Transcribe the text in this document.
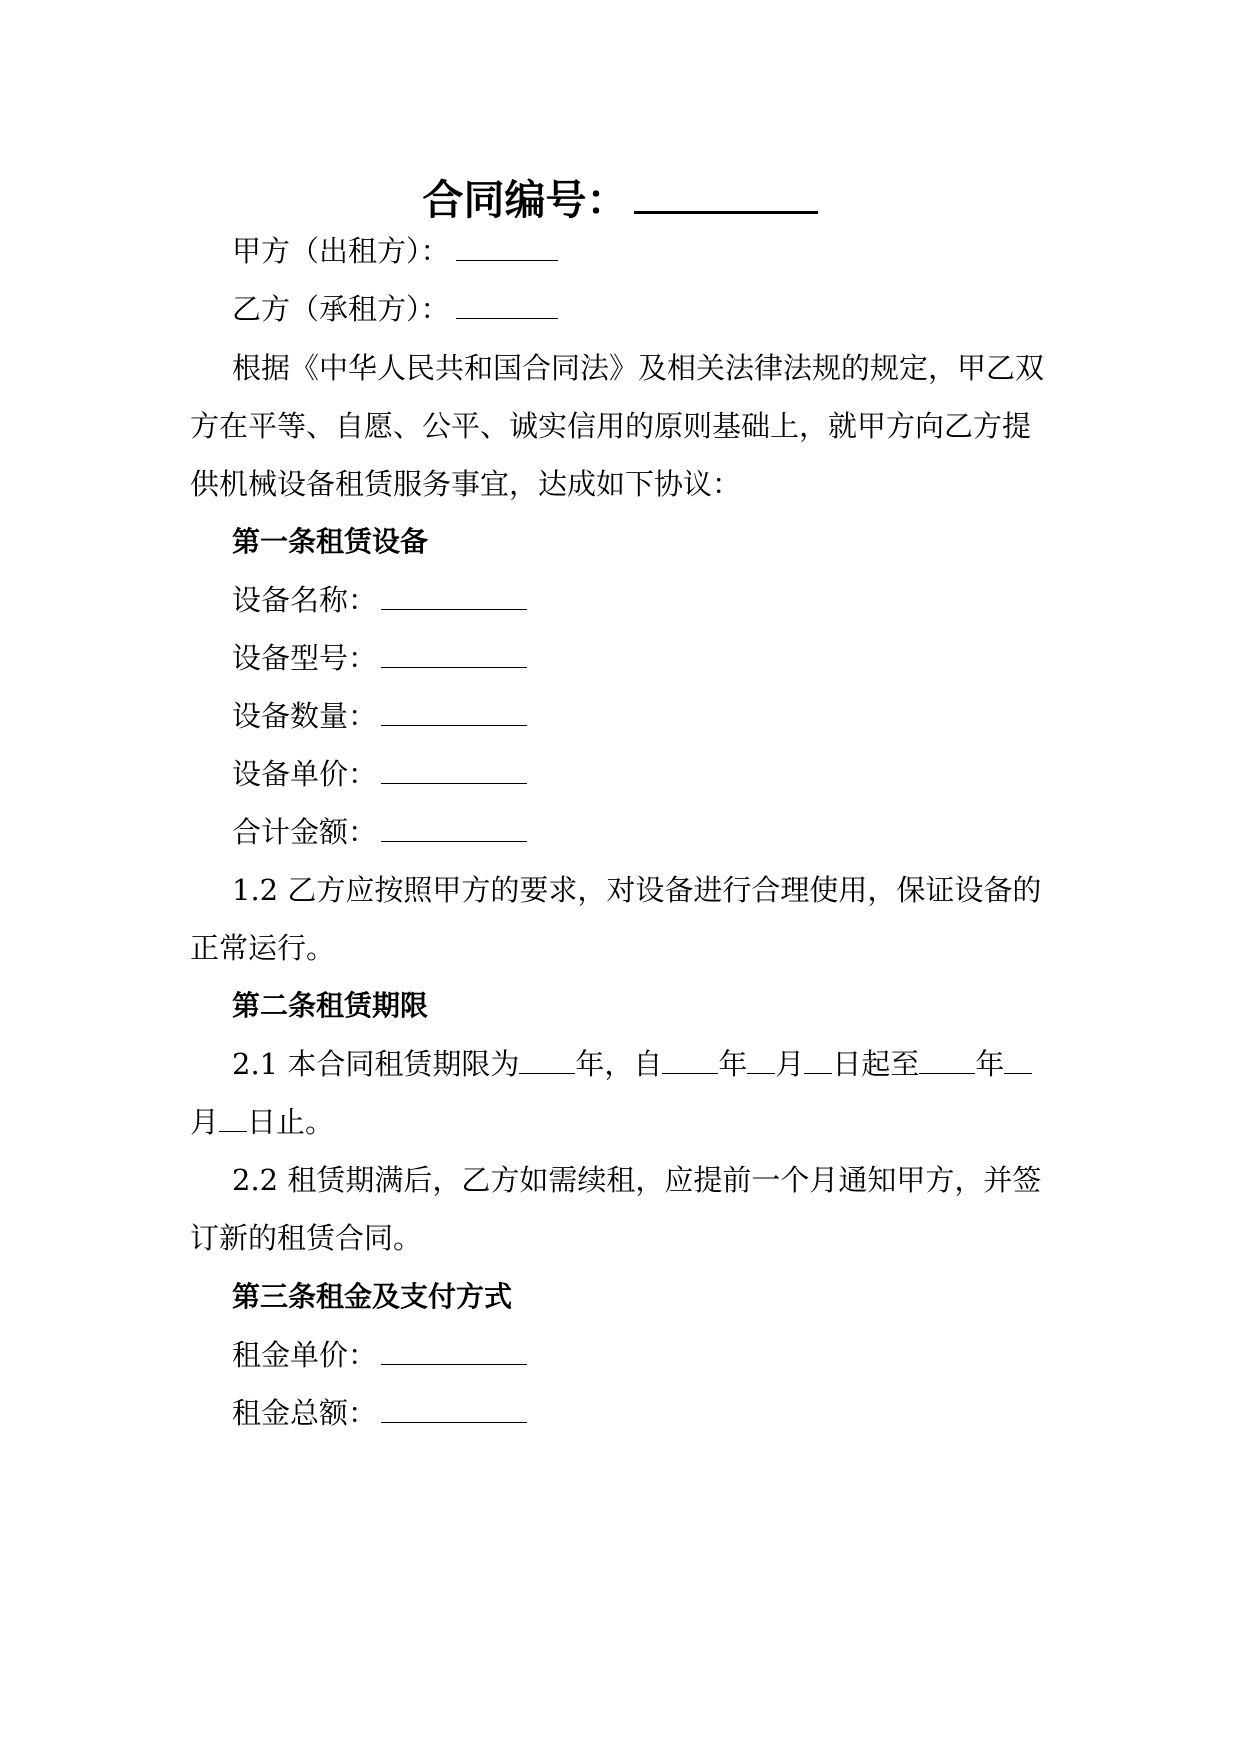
合同编号：
甲方（出租方）：
乙方（承租方）：
根据《中华人民共和国合同法》及相关法律法规的规定，甲乙双
方在平等、自愿、公平、诚实信用的原则基础上，就甲方向乙方提
供机械设备租赁服务事宜，达成如下协议：
第一条租赁设备
设备名称：
设备型号：
设备数量：
设备单价：
合计金额：
1.2 乙方应按照甲方的要求，对设备进行合理使用，保证设备的
正常运行。
第二条租赁期限
2.1 本合同租赁期限为 年，自 年 月 日起至 年
月 日止。
2.2 租赁期满后，乙方如需续租，应提前一个月通知甲方，并签
订新的租赁合同。
第三条租金及支付方式
租金单价：
租金总额：
